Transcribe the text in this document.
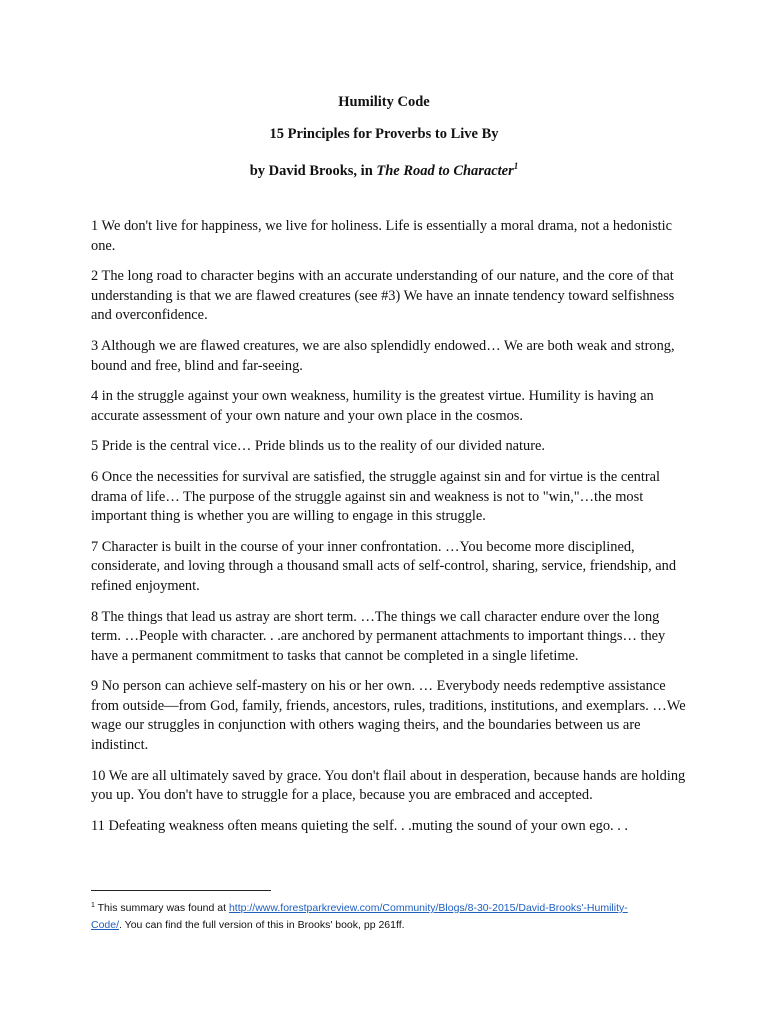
Humility Code
15 Principles for Proverbs to Live By
by David Brooks, in The Road to Character$^1$

1 We don't live for happiness, we live for holiness. Life is essentially a moral drama, not a hedonistic one.

2 The long road to character begins with an accurate understanding of our nature, and the core of that understanding is that we are flawed creatures (see #3) We have an innate tendency toward selfishness and overconfidence.

3 Although we are flawed creatures, we are also splendidly endowed… We are both weak and strong, bound and free, blind and far-seeing.

4 in the struggle against your own weakness, humility is the greatest virtue. Humility is having an accurate assessment of your own nature and your own place in the cosmos.

5 Pride is the central vice… Pride blinds us to the reality of our divided nature.

6 Once the necessities for survival are satisfied, the struggle against sin and for virtue is the central drama of life… The purpose of the struggle against sin and weakness is not to "win,"…the most important thing is whether you are willing to engage in this struggle.

7 Character is built in the course of your inner confrontation. …You become more disciplined, considerate, and loving through a thousand small acts of self-control, sharing, service, friendship, and refined enjoyment.

8 The things that lead us astray are short term. …The things we call character endure over the long term. …People with character. . .are anchored by permanent attachments to important things… they have a permanent commitment to tasks that cannot be completed in a single lifetime.

9 No person can achieve self-mastery on his or her own. … Everybody needs redemptive assistance from outside—from God, family, friends, ancestors, rules, traditions, institutions, and exemplars. …We wage our struggles in conjunction with others waging theirs, and the boundaries between us are indistinct.

10 We are all ultimately saved by grace. You don't flail about in desperation, because hands are holding you up. You don't have to struggle for a place, because you are embraced and accepted.

11 Defeating weakness often means quieting the self. . .muting the sound of your own ego. . .

$^1$ This summary was found at http://www.forestparkreview.com/Community/Blogs/8-30-2015/David-Brooks'-Humility-Code/. You can find the full version of this in Brooks' book, pp 261ff.
